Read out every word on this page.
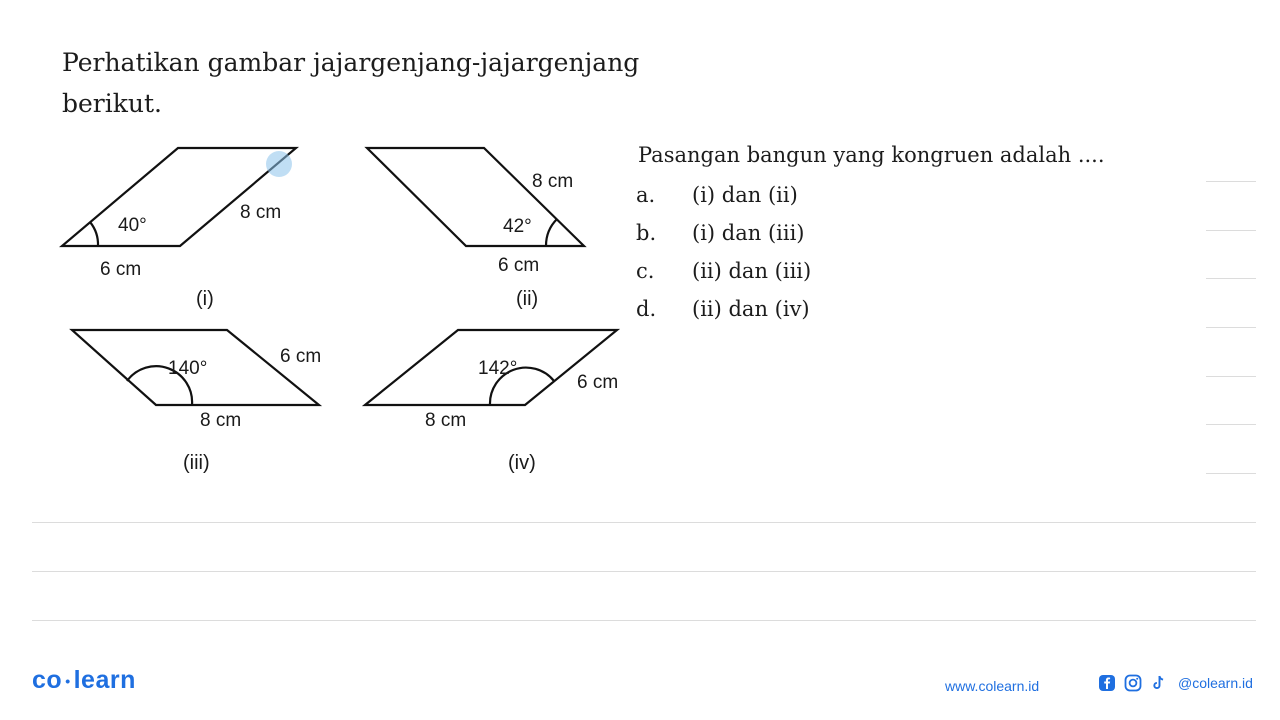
Perhatikan gambar jajargenjang-jajargenjang berikut.

40°
8 cm
6 cm
(i)
8 cm
42°
6 cm
(ii)
140°
6 cm
8 cm
(iii)
142°
6 cm
8 cm
(iv)
Pasangan bangun yang kongruen adalah ....
a. (i) dan (ii)
b. (i) dan (iii)
c. (ii) dan (iii)
d. (ii) dan (iv)
co • learn	www.colearn.id	@colearn.id
